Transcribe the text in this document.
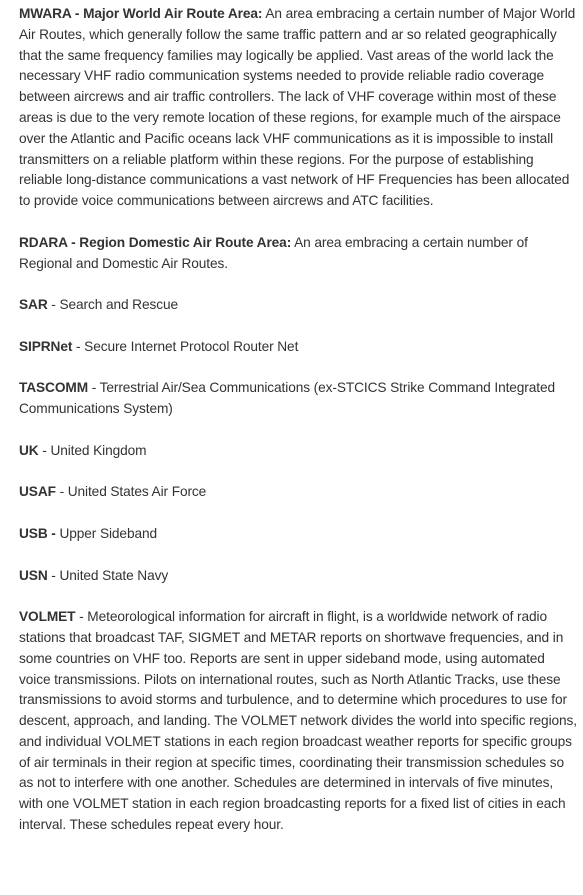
MWARA - Major World Air Route Area: An area embracing a certain number of Major World Air Routes, which generally follow the same traffic pattern and ar so related geographically that the same frequency families may logically be applied. Vast areas of the world lack the necessary VHF radio communication systems needed to provide reliable radio coverage between aircrews and air traffic controllers. The lack of VHF coverage within most of these areas is due to the very remote location of these regions, for example much of the airspace over the Atlantic and Pacific oceans lack VHF communications as it is impossible to install transmitters on a reliable platform within these regions. For the purpose of establishing reliable long-distance communications a vast network of HF Frequencies has been allocated to provide voice communications between aircrews and ATC facilities.

RDARA - Region Domestic Air Route Area: An area embracing a certain number of Regional and Domestic Air Routes.

SAR - Search and Rescue

SIPRNet - Secure Internet Protocol Router Net

TASCOMM - Terrestrial Air/Sea Communications (ex-STCICS Strike Command Integrated Communications System)

UK - United Kingdom

USAF - United States Air Force

USB - Upper Sideband

USN - United State Navy

VOLMET - Meteorological information for aircraft in flight, is a worldwide network of radio stations that broadcast TAF, SIGMET and METAR reports on shortwave frequencies, and in some countries on VHF too. Reports are sent in upper sideband mode, using automated voice transmissions. Pilots on international routes, such as North Atlantic Tracks, use these transmissions to avoid storms and turbulence, and to determine which procedures to use for descent, approach, and landing. The VOLMET network divides the world into specific regions, and individual VOLMET stations in each region broadcast weather reports for specific groups of air terminals in their region at specific times, coordinating their transmission schedules so as not to interfere with one another. Schedules are determined in intervals of five minutes, with one VOLMET station in each region broadcasting reports for a fixed list of cities in each interval. These schedules repeat every hour.
